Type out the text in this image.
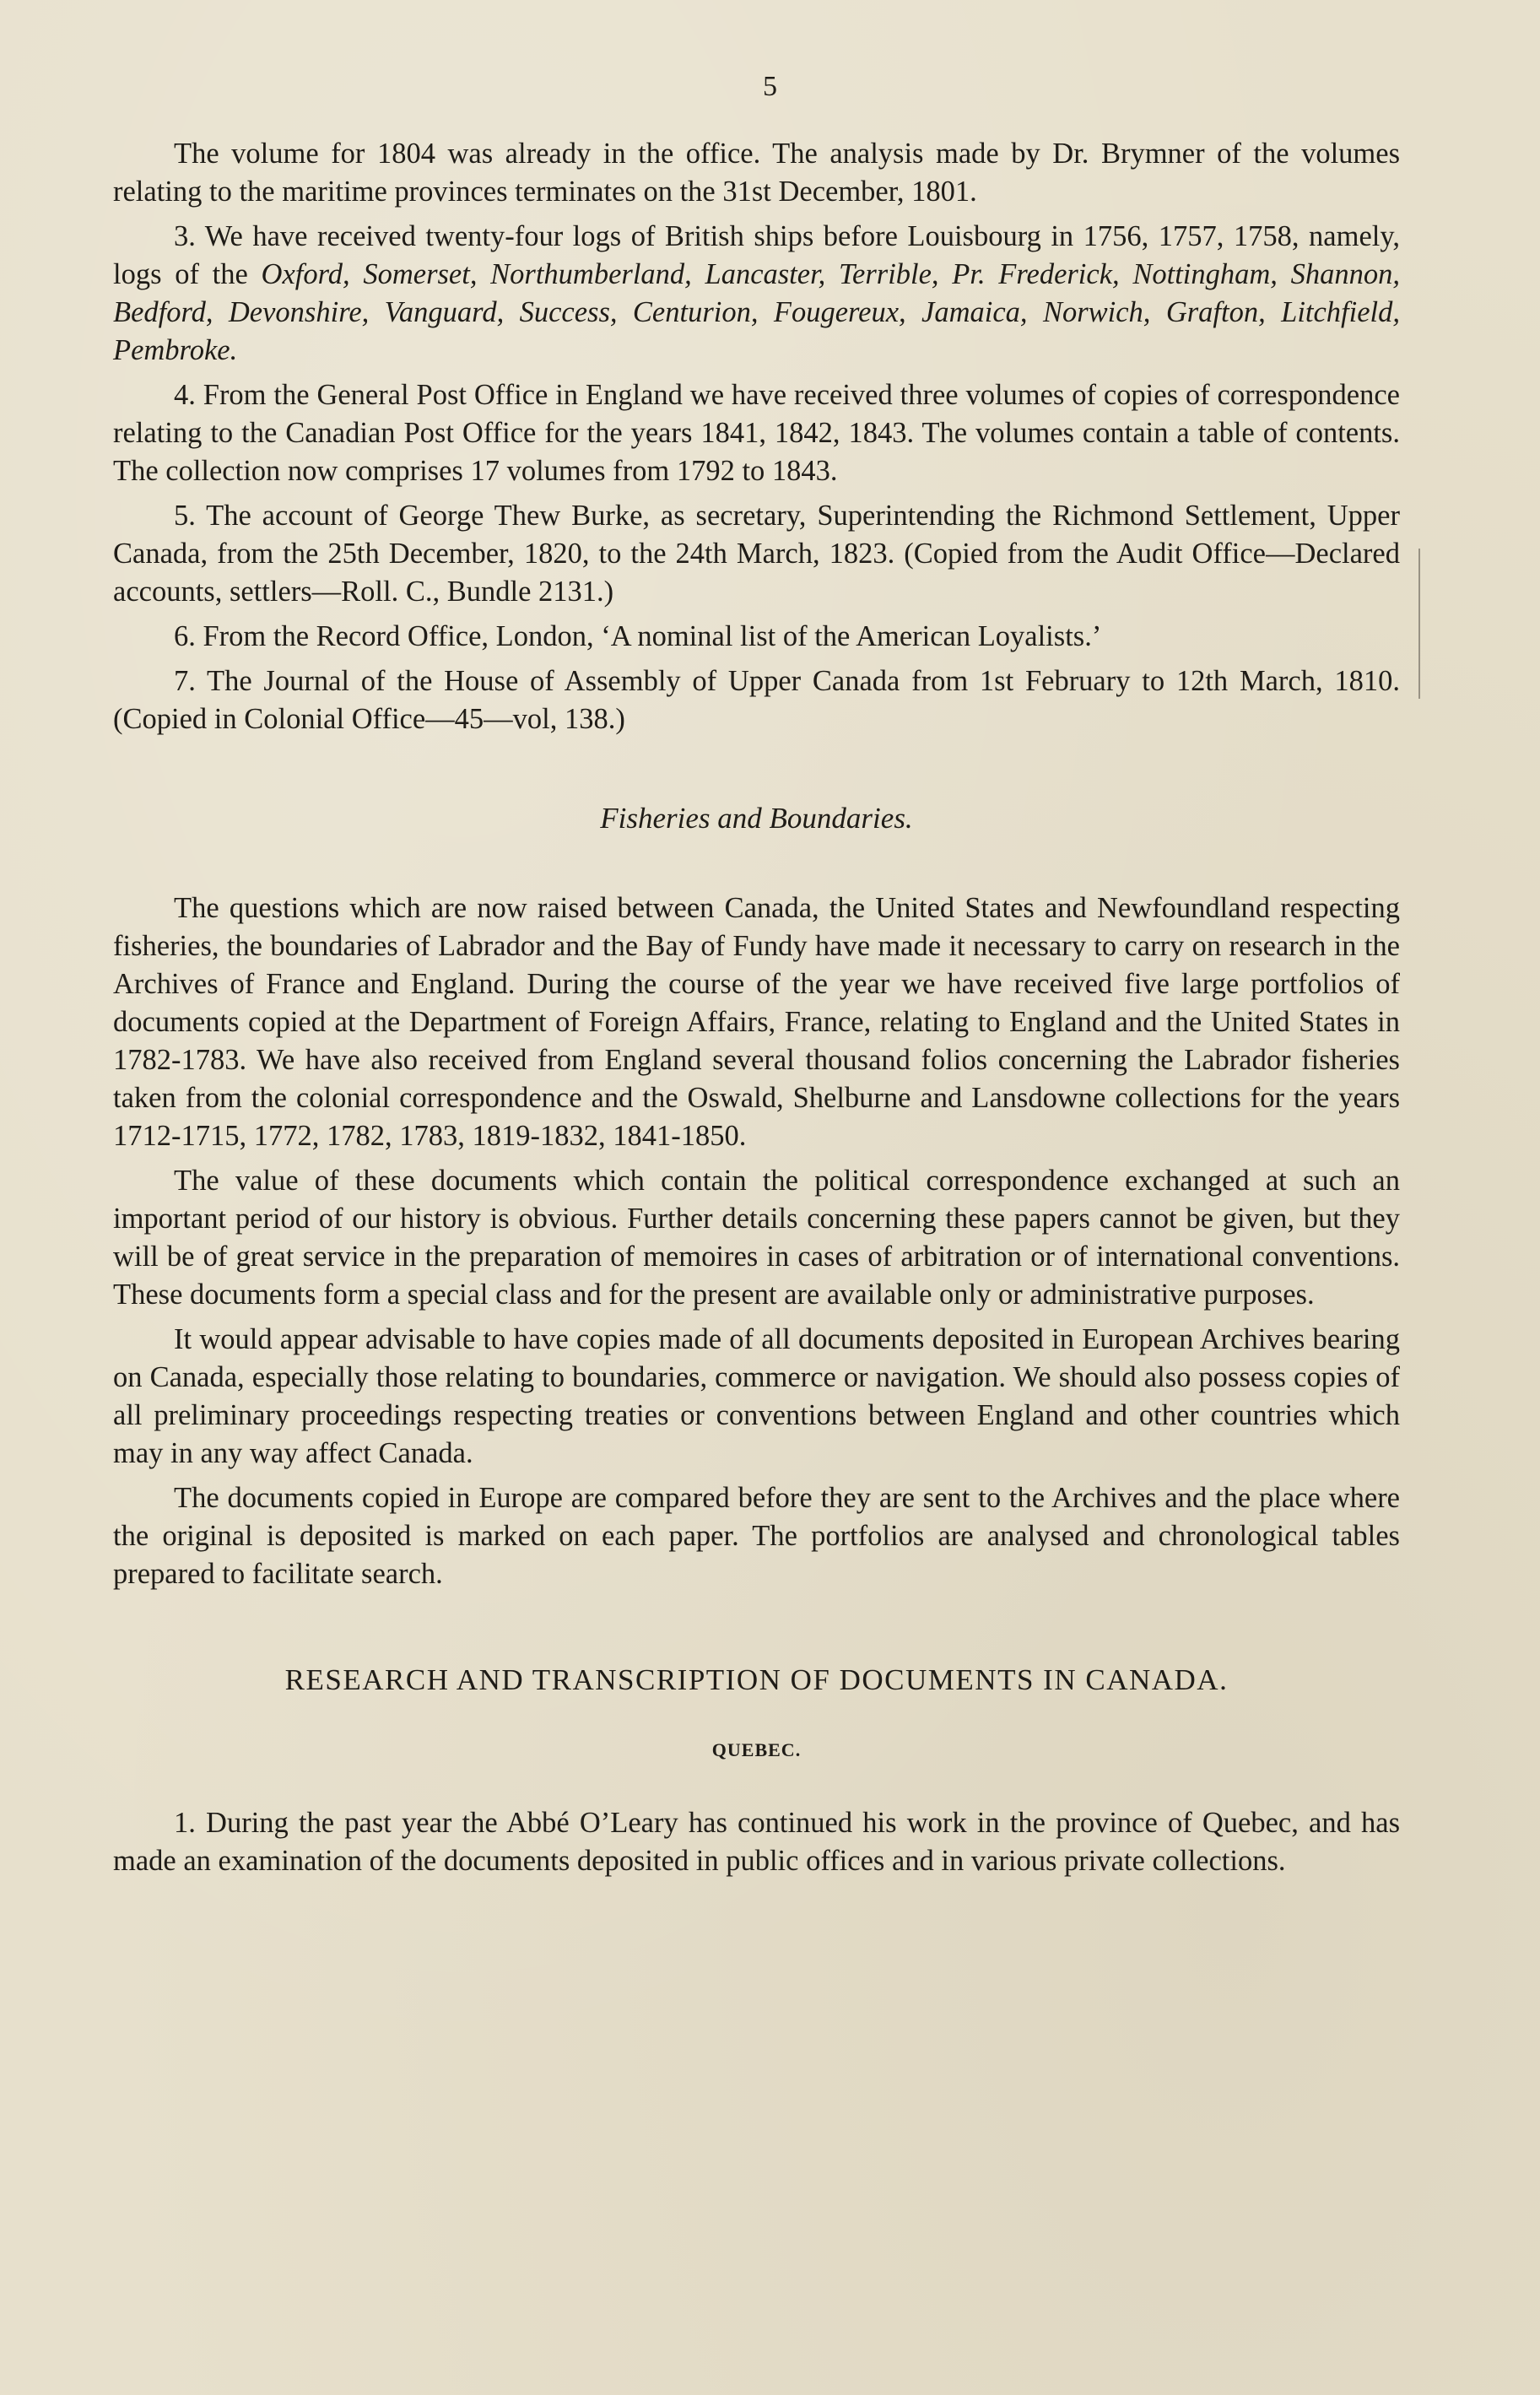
5

The volume for 1804 was already in the office. The analysis made by Dr. Brymner of the volumes relating to the maritime provinces terminates on the 31st December, 1801.

3. We have received twenty-four logs of British ships before Louisbourg in 1756, 1757, 1758, namely, logs of the Oxford, Somerset, Northumberland, Lancaster, Terrible, Pr. Frederick, Nottingham, Shannon, Bedford, Devonshire, Vanguard, Success, Centurion, Fougereux, Jamaica, Norwich, Grafton, Litchfield, Pembroke.

4. From the General Post Office in England we have received three volumes of copies of correspondence relating to the Canadian Post Office for the years 1841, 1842, 1843. The volumes contain a table of contents. The collection now comprises 17 volumes from 1792 to 1843.

5. The account of George Thew Burke, as secretary, Superintending the Richmond Settlement, Upper Canada, from the 25th December, 1820, to the 24th March, 1823. (Copied from the Audit Office—Declared accounts, settlers—Roll. C., Bundle 2131.)

6. From the Record Office, London, ‘A nominal list of the American Loyalists.’

7. The Journal of the House of Assembly of Upper Canada from 1st February to 12th March, 1810. (Copied in Colonial Office—45—vol, 138.)

Fisheries and Boundaries.

The questions which are now raised between Canada, the United States and Newfoundland respecting fisheries, the boundaries of Labrador and the Bay of Fundy have made it necessary to carry on research in the Archives of France and England. During the course of the year we have received five large portfolios of documents copied at the Department of Foreign Affairs, France, relating to England and the United States in 1782-1783. We have also received from England several thousand folios concerning the Labrador fisheries taken from the colonial correspondence and the Oswald, Shelburne and Lansdowne collections for the years 1712-1715, 1772, 1782, 1783, 1819-1832, 1841-1850.

The value of these documents which contain the political correspondence exchanged at such an important period of our history is obvious. Further details concerning these papers cannot be given, but they will be of great service in the preparation of memoires in cases of arbitration or of international conventions. These documents form a special class and for the present are available only or administrative purposes.

It would appear advisable to have copies made of all documents deposited in European Archives bearing on Canada, especially those relating to boundaries, commerce or navigation. We should also possess copies of all preliminary proceedings respecting treaties or conventions between England and other countries which may in any way affect Canada.

The documents copied in Europe are compared before they are sent to the Archives and the place where the original is deposited is marked on each paper. The portfolios are analysed and chronological tables prepared to facilitate search.

RESEARCH AND TRANSCRIPTION OF DOCUMENTS IN CANADA.
QUEBEC.

1. During the past year the Abbé O’Leary has continued his work in the province of Quebec, and has made an examination of the documents deposited in public offices and in various private collections.
